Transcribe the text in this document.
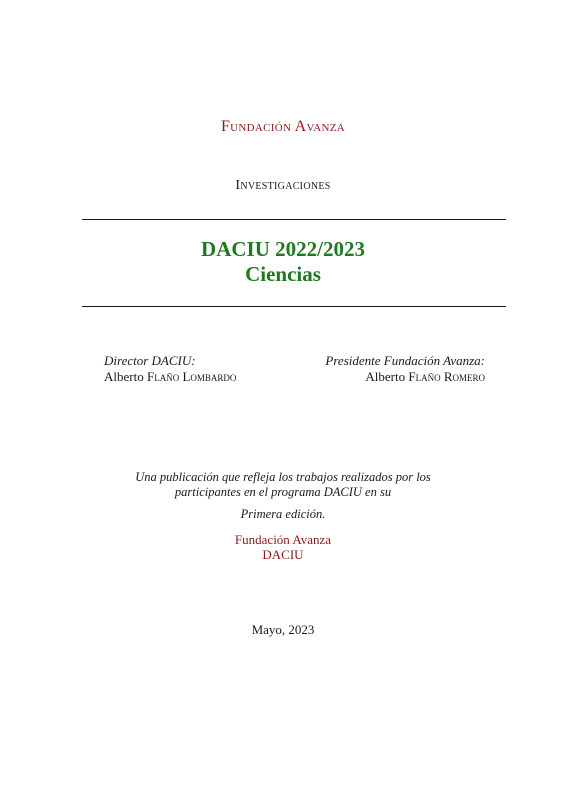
Fundación Avanza
Investigaciones
DACIU 2022/2023
Ciencias
Director DACIU:
Alberto Flaño Lombardo
Presidente Fundación Avanza:
Alberto Flaño Romero
Una publicación que refleja los trabajos realizados por los
participantes en el programa DACIU en su
Primera edición.
Fundación Avanza
DACIU
Mayo, 2023
